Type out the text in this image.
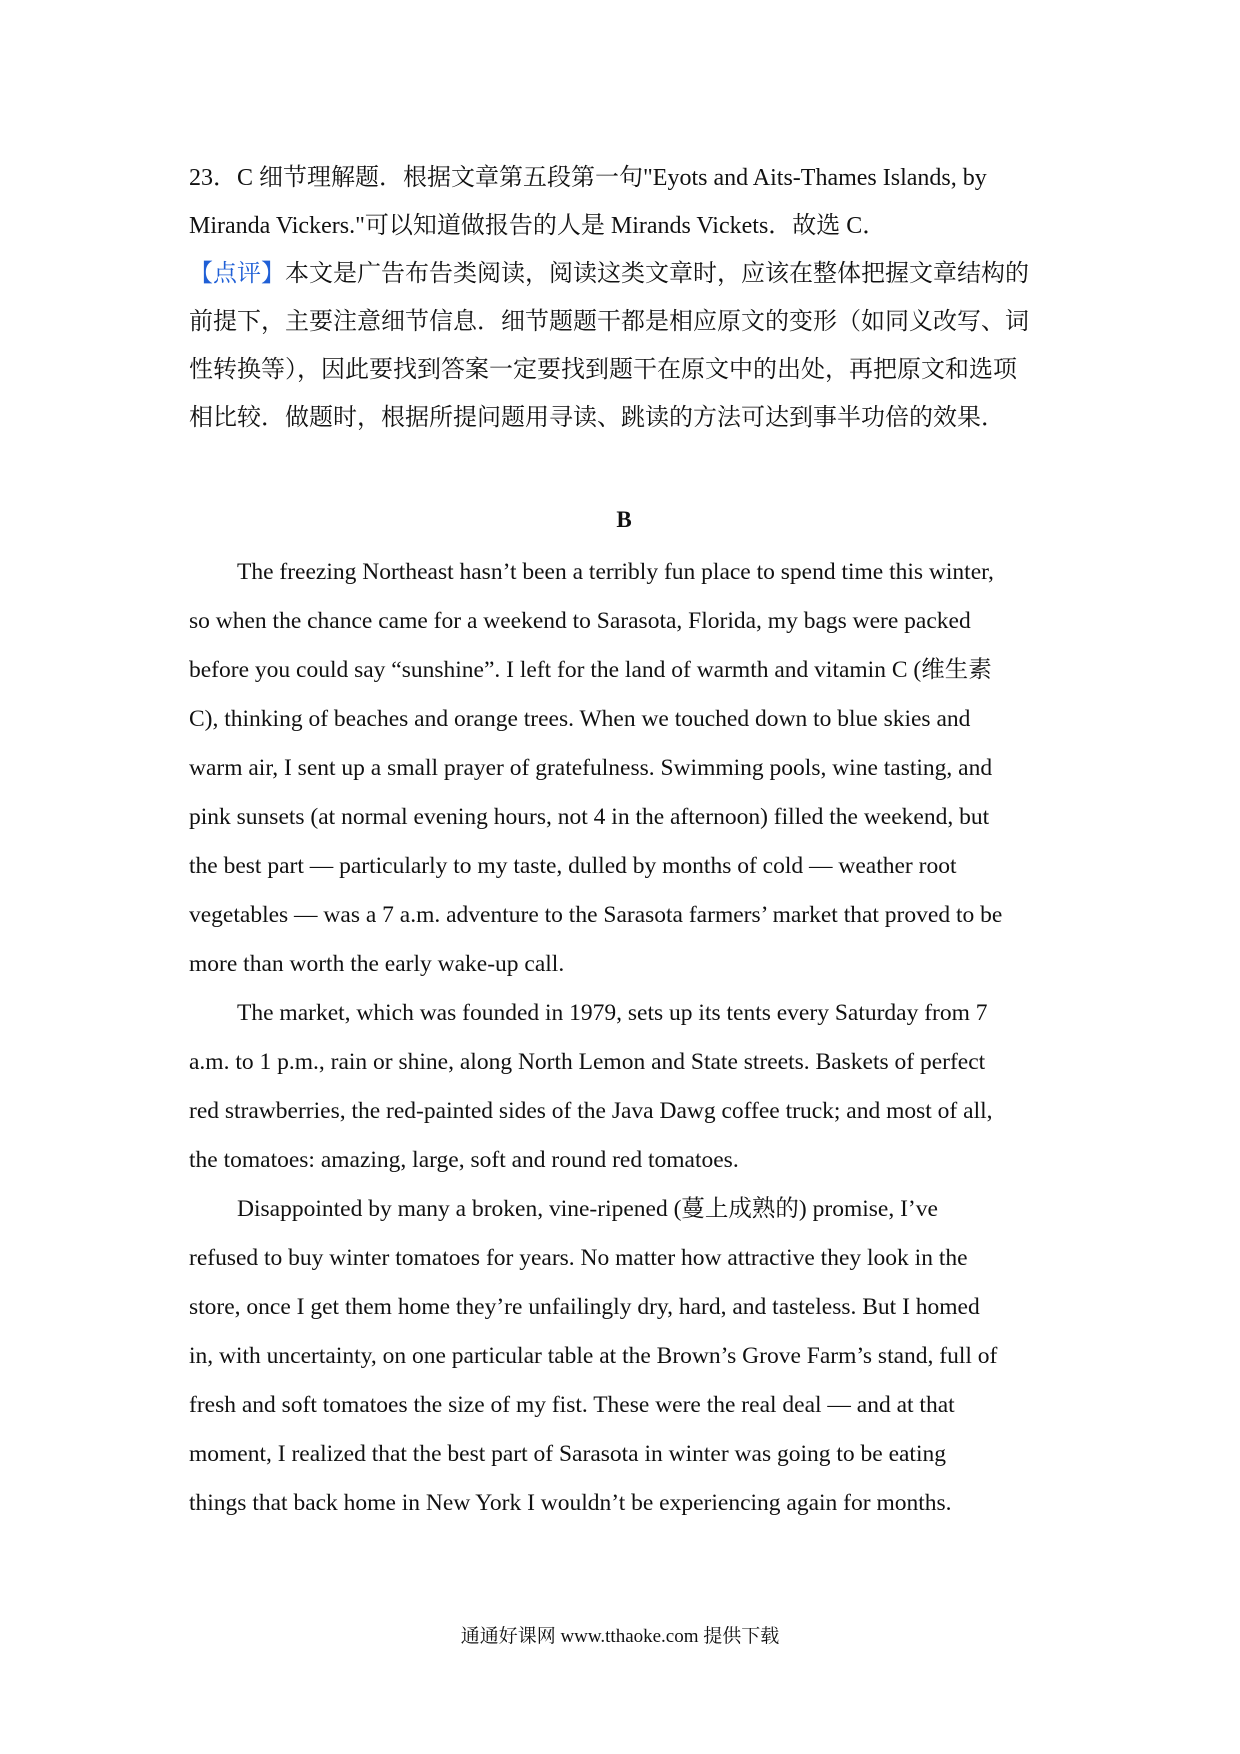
23．C 细节理解题．根据文章第五段第一句"Eyots and Aits-Thames Islands, by
Miranda Vickers."可以知道做报告的人是 Mirands Vickets．故选 C．
【点评】本文是广告布告类阅读，阅读这类文章时，应该在整体把握文章结构的
前提下，主要注意细节信息．细节题题干都是相应原文的变形（如同义改写、词
性转换等），因此要找到答案一定要找到题干在原文中的出处，再把原文和选项
相比较．做题时，根据所提问题用寻读、跳读的方法可达到事半功倍的效果．
B
The freezing Northeast hasn’t been a terribly fun place to spend time this winter,
so when the chance came for a weekend to Sarasota, Florida, my bags were packed
before you could say “sunshine”. I left for the land of warmth and vitamin C (维生素
C), thinking of beaches and orange trees. When we touched down to blue skies and
warm air, I sent up a small prayer of gratefulness. Swimming pools, wine tasting, and
pink sunsets (at normal evening hours, not 4 in the afternoon) filled the weekend, but
the best part — particularly to my taste, dulled by months of cold — weather root
vegetables — was a 7 a.m. adventure to the Sarasota farmers’ market that proved to be
more than worth the early wake-up call.
The market, which was founded in 1979, sets up its tents every Saturday from 7
a.m. to 1 p.m., rain or shine, along North Lemon and State streets. Baskets of perfect
red strawberries, the red-painted sides of the Java Dawg coffee truck; and most of all,
the tomatoes: amazing, large, soft and round red tomatoes.
Disappointed by many a broken, vine-ripened (蔓上成熟的) promise, I’ve
refused to buy winter tomatoes for years. No matter how attractive they look in the
store, once I get them home they’re unfailingly dry, hard, and tasteless. But I homed
in, with uncertainty, on one particular table at the Brown’s Grove Farm’s stand, full of
fresh and soft tomatoes the size of my fist. These were the real deal — and at that
moment, I realized that the best part of Sarasota in winter was going to be eating
things that back home in New York I wouldn’t be experiencing again for months.
通通好课网 www.tthaoke.com 提供下载
